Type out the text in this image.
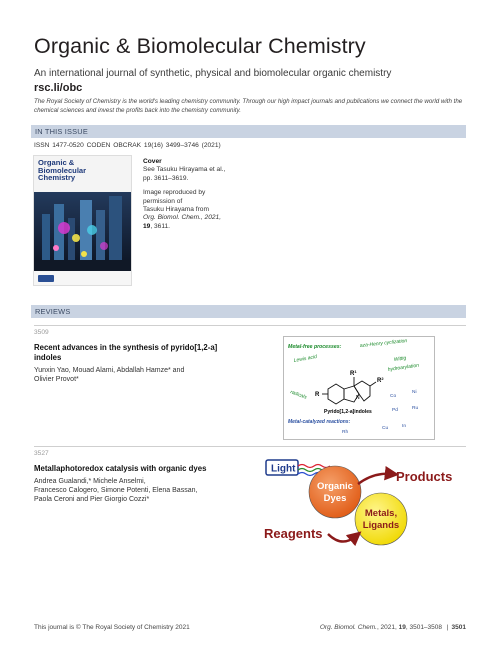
Organic & Biomolecular Chemistry
An international journal of synthetic, physical and biomolecular organic chemistry
rsc.li/obc
The Royal Society of Chemistry is the world's leading chemistry community. Through our high impact journals and publications we connect the world with the chemical sciences and invest the profits back into the chemistry community.
IN THIS ISSUE
ISSN 1477-0520 CODEN OBCRAK 19(16) 3499–3746 (2021)
Organic & Biomolecular Chemistry
Cover
See Tasuku Hirayama et al.,
pp. 3611–3619.
Image reproduced by
permission of
Tasuku Hirayama from
Org. Biomol. Chem., 2021,
19, 3611.
REVIEWS
3509
Recent advances in the synthesis of pyrido[1,2-a]
indoles
Yunxin Yao, Mouad Alami, Abdallah Hamze* and
Olivier Provot*
Metal-free processes:	aza-Henry cyclization
Lewis acid	Wittig
hydroarylation
radicals
$R^1$
R
$R^2$
N
Pyrido[1,2-a]indoles
Metal-catalyzed reactions:
Co
Ni
Pd	Ru
Rh
Cu	In
3527
Metallaphotoredox catalysis with organic dyes
Andrea Gualandi,* Michele Anselmi,
Francesco Calogero, Simone Potenti, Elena Bassan,
Paola Ceroni and Pier Giorgio Cozzi*
Light
Organic
Dyes
Metals,
Ligands
Products
Reagents
This journal is © The Royal Society of Chemistry 2021	Org. Biomol. Chem., 2021, 19, 3501–3508 | 3501
